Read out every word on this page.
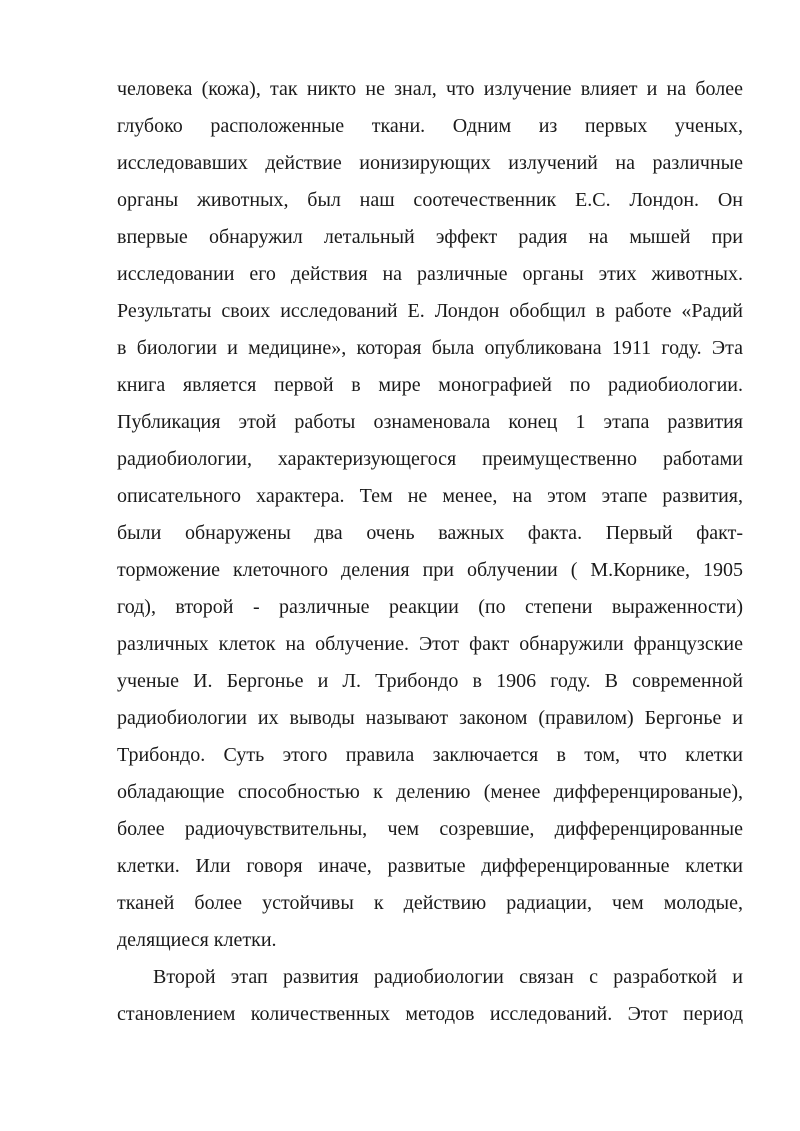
человека (кожа), так никто не знал, что излучение влияет и на более
глубоко расположенные ткани. Одним из первых ученых,
исследовавших действие ионизирующих излучений на различные
органы животных, был наш соотечественник Е.С. Лондон. Он
впервые обнаружил летальный эффект радия на мышей при
исследовании его действия на различные органы этих животных.
Результаты своих исследований Е. Лондон обобщил в работе «Радий
в биологии и медицине», которая была опубликована 1911 году. Эта
книга является первой в мире монографией по радиобиологии.
Публикация этой работы ознаменовала конец 1 этапа развития
радиобиологии, характеризующегося преимущественно работами
описательного характера. Тем не менее, на этом этапе развития,
были обнаружены два очень важных факта. Первый факт-
торможение клеточного деления при облучении ( М.Корнике, 1905
год), второй - различные реакции (по степени выраженности)
различных клеток на облучение. Этот факт обнаружили французские
ученые И. Бергонье и Л. Трибондо в 1906 году. В современной
радиобиологии их выводы называют законом (правилом) Бергонье и
Трибондо. Суть этого правила заключается в том, что клетки
обладающие способностью к делению (менее дифференцированые),
более радиочувствительны, чем созревшие, дифференцированные
клетки. Или говоря иначе, развитые дифференцированные клетки
тканей более устойчивы к действию радиации, чем молодые,
делящиеся клетки.
Второй этап развития радиобиологии связан с разработкой и
становлением количественных методов исследований. Этот период
